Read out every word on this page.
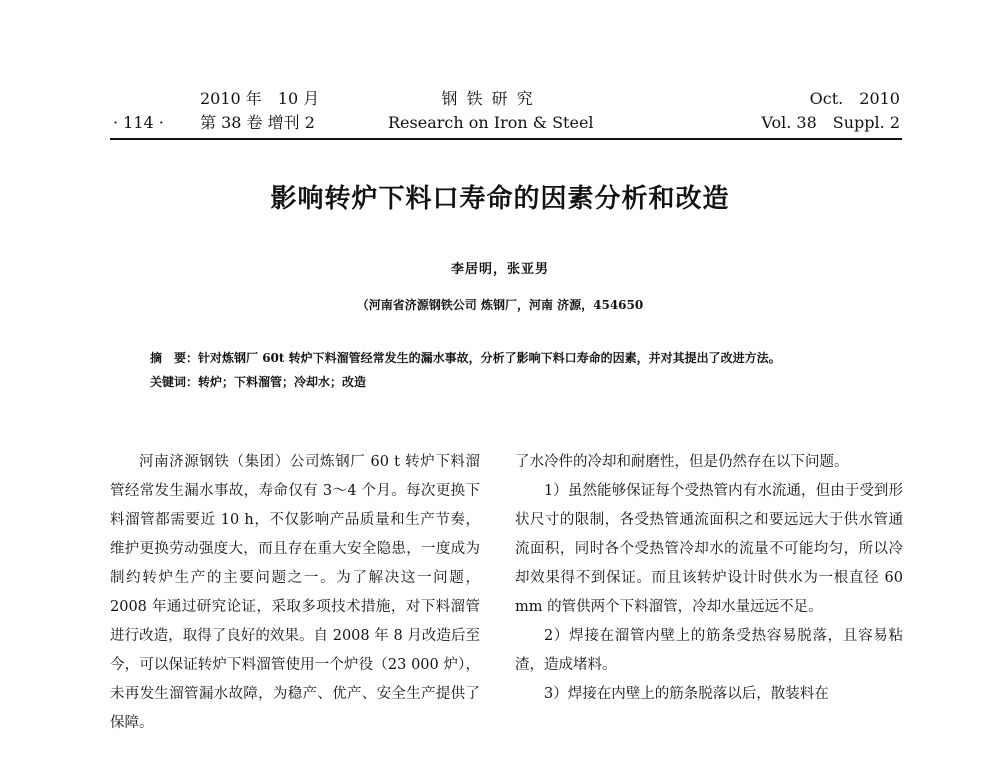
· 114 ·
2010 年　10 月
第 38 卷 增刊 2
钢 铁 研 究
Research on Iron & Steel
Oct.　2010
Vol. 38　Suppl. 2
影响转炉下料口寿命的因素分析和改造
李居明，张亚男
（河南省济源钢铁公司 炼钢厂，河南 济源，454650

摘　要：针对炼钢厂 60t 转炉下料溜管经常发生的漏水事故，分析了影响下料口寿命的因素，并对其提出了改进方法。

关键词：转炉；下料溜管；冷却水；改造

河南济源钢铁（集团）公司炼钢厂 60 t 转炉下料溜管经常发生漏水事故，寿命仅有 3～4 个月。每次更换下料溜管都需要近 10 h，不仅影响产品质量和生产节奏，维护更换劳动强度大，而且存在重大安全隐患，一度成为制约转炉生产的主要问题之一。为了解决这一问题，2008 年通过研究论证，采取多项技术措施，对下料溜管进行改造，取得了良好的效果。自 2008 年 8 月改造后至今，可以保证转炉下料溜管使用一个炉役（23 000 炉），未再发生溜管漏水故障，为稳产、优产、安全生产提供了保障。

了水冷件的冷却和耐磨性，但是仍然存在以下问题。

1）虽然能够保证每个受热管内有水流通，但由于受到形状尺寸的限制，各受热管通流面积之和要远远大于供水管通流面积，同时各个受热管冷却水的流量不可能均匀，所以冷却效果得不到保证。而且该转炉设计时供水为一根直径 60 mm 的管供两个下料溜管，冷却水量远远不足。

2）焊接在溜管内壁上的筋条受热容易脱落，且容易粘渣，造成堵料。

3）焊接在内壁上的筋条脱落以后，散装料在
